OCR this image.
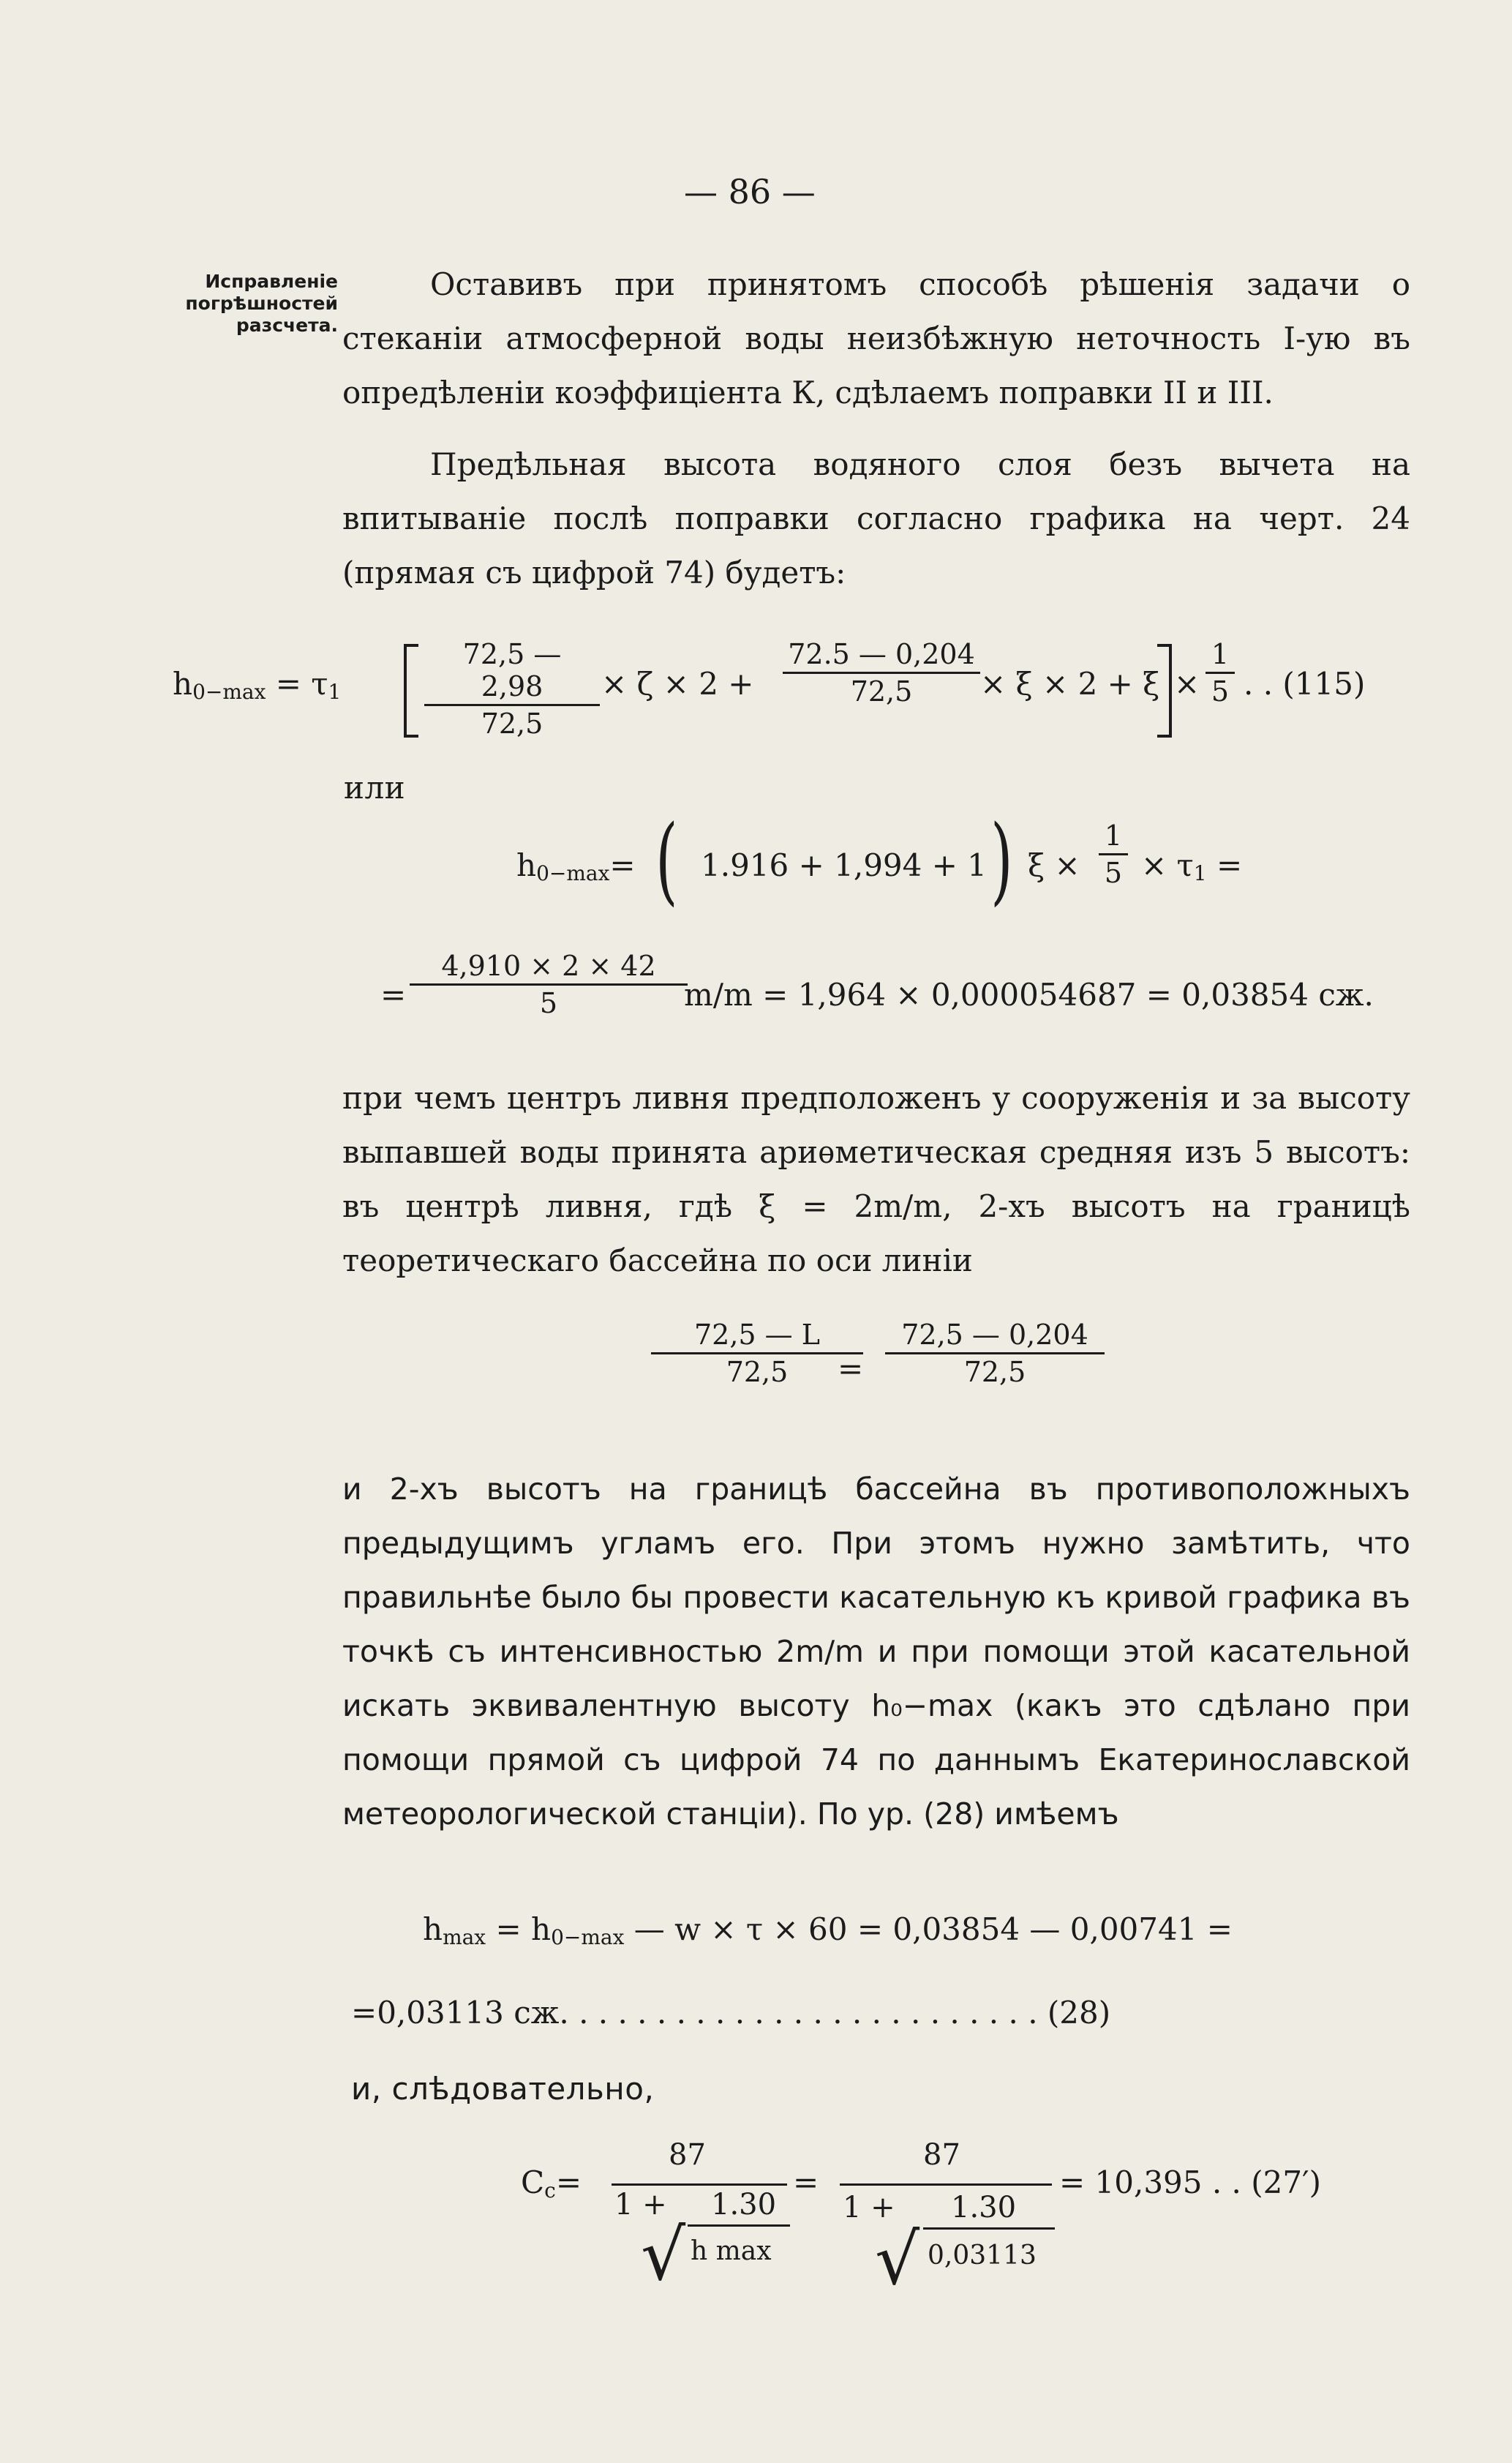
— 86 —
Исправленіе
погрѣшностей
разсчета.
Оставивъ при принятомъ способѣ рѣшенія задачи о стеканіи атмосферной воды неизбѣжную неточность I-ую въ опредѣленіи коэффиціента К, сдѣлаемъ поправки II и III.
Предѣльная высота водяного слоя безъ вычета на впитываніе послѣ поправки согласно графика на черт. 24 (прямая съ цифрой 74) будетъ:
$h_{0-max} = \tau_1$
72,5 — 2,98
72,5
× ζ × 2 +
72.5 — 0,204
72,5	× ξ × 2 + ξ ×
1
5 . . (115)
или
$h_{0-max}=$ ( 1.916 + 1,994 + 1 ) ξ ×
1
$5 \times \tau_1$ =
=
4,910 × 2 × 42
5	m/m = 1,964 × 0,000054687 = 0,03854 сж.
при чемъ центръ ливня предположенъ у сооруженія и за высоту выпавшей воды принята ариѳметическая средняя изъ 5 высотъ: въ центрѣ ливня, гдѣ ξ = 2m/m, 2-хъ высотъ на границѣ теоретическаго бассейна по оси линіи
72,5 — L
72,5	=
72,5 — 0,204
72,5
и 2-хъ высотъ на границѣ бассейна въ противоположныхъ предыдущимъ угламъ его. При этомъ нужно замѣтить, что правильнѣе было бы провести касательную къ кривой графика въ точкѣ съ интенсивностью 2m/m и при помощи этой касательной искать эквивалентную высоту h₀−max (какъ это сдѣлано при помощи прямой съ цифрой 74 по даннымъ Екатеринославской метеорологической станціи). По ур. (28) имѣемъ
$h_{max} = h_{0-max}$ — w × τ × 60 = 0,03854 — 0,00741 =
=0,03113 сж. . . . . . . . . . . . . . . . . . . . . . . . . (28)
и, слѣдовательно,
$C_c=$
87
1 + 1.30
√ h max
=
87
1 + 1.30
√ 0,03113
= 10,395 . . (27′)
